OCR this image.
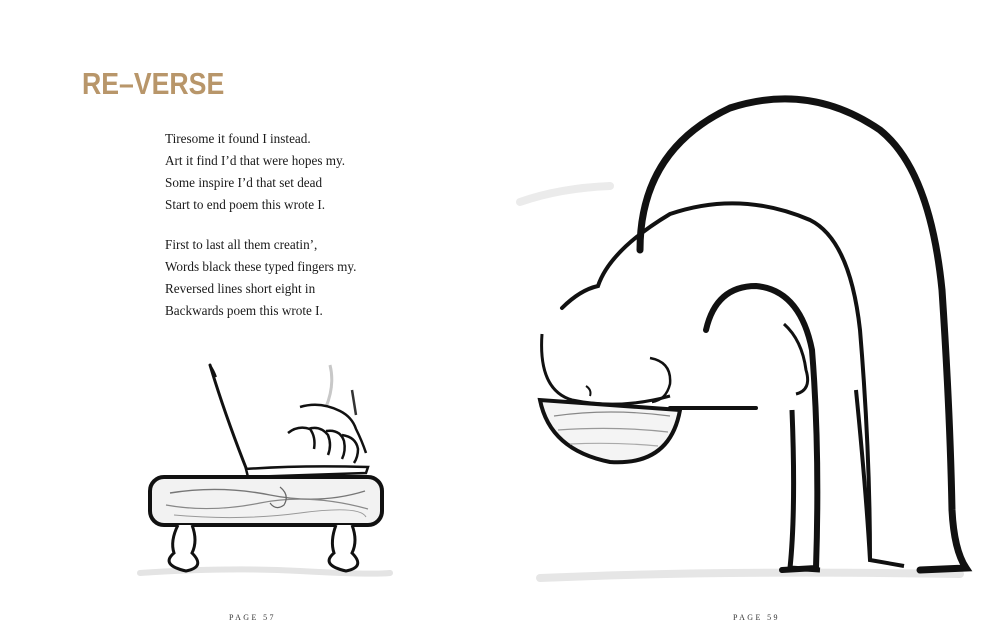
RE–VERSE

Tiresome it found I instead.
Art it find I’d that were hopes my.
Some inspire I’d that set dead
Start to end poem this wrote I.

First to last all them creatin’,
Words black these typed fingers my.
Reversed lines short eight in
Backwards poem this wrote I.

PAGE 57	PAGE 59
